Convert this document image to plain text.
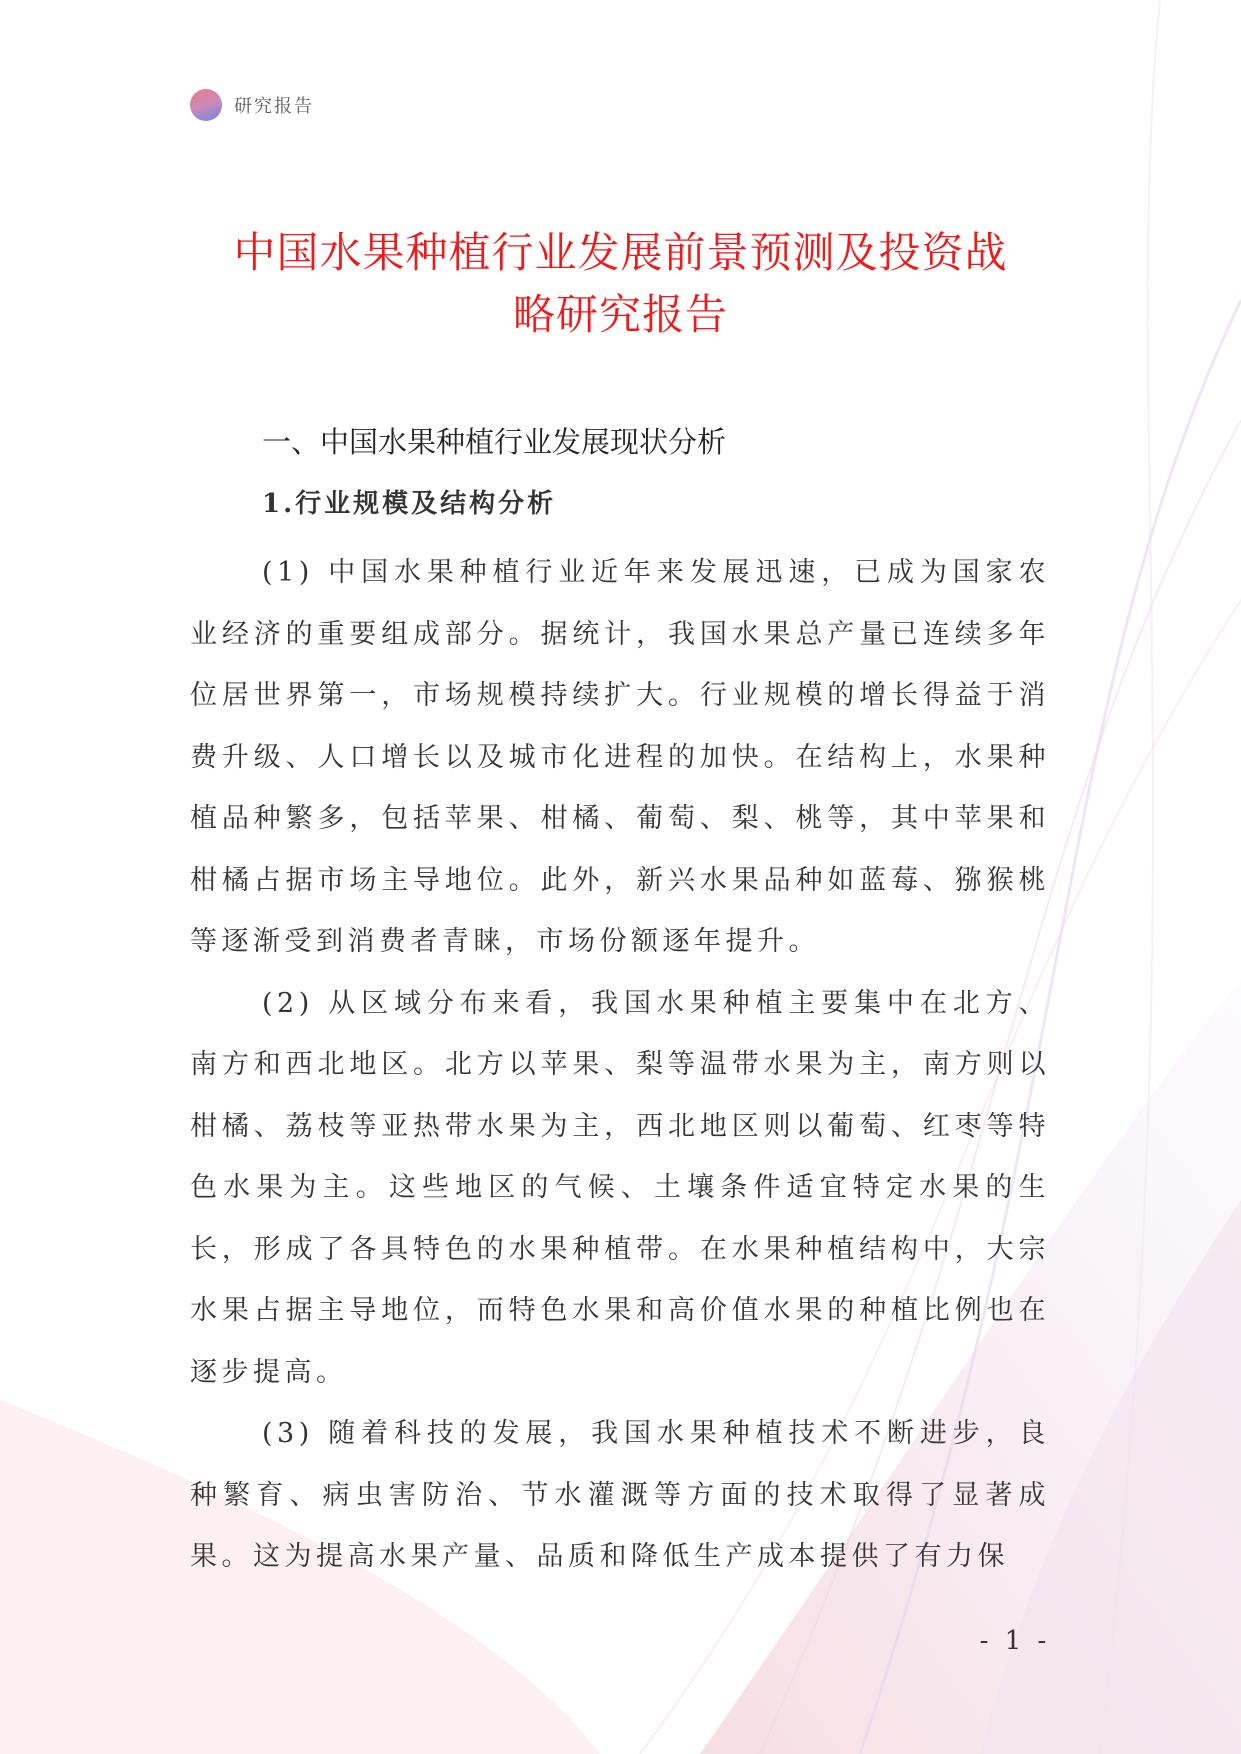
研究报告
中国水果种植行业发展前景预测及投资战
略研究报告
一、中国水果种植行业发展现状分析
1.行业规模及结构分析

(1) 中国水果种植行业近年来发展迅速，已成为国家农业经济的重要组成部分。据统计，我国水果总产量已连续多年位居世界第一，市场规模持续扩大。行业规模的增长得益于消费升级、人口增长以及城市化进程的加快。在结构上，水果种植品种繁多，包括苹果、柑橘、葡萄、梨、桃等，其中苹果和柑橘占据市场主导地位。此外，新兴水果品种如蓝莓、猕猴桃等逐渐受到消费者青睐，市场份额逐年提升。

(2) 从区域分布来看，我国水果种植主要集中在北方、南方和西北地区。北方以苹果、梨等温带水果为主，南方则以柑橘、荔枝等亚热带水果为主，西北地区则以葡萄、红枣等特色水果为主。这些地区的气候、土壤条件适宜特定水果的生长，形成了各具特色的水果种植带。在水果种植结构中，大宗水果占据主导地位，而特色水果和高价值水果的种植比例也在逐步提高。

(3) 随着科技的发展，我国水果种植技术不断进步，良种繁育、病虫害防治、节水灌溉等方面的技术取得了显著成果。这为提高水果产量、品质和降低生产成本提供了有力保

- 1 -
